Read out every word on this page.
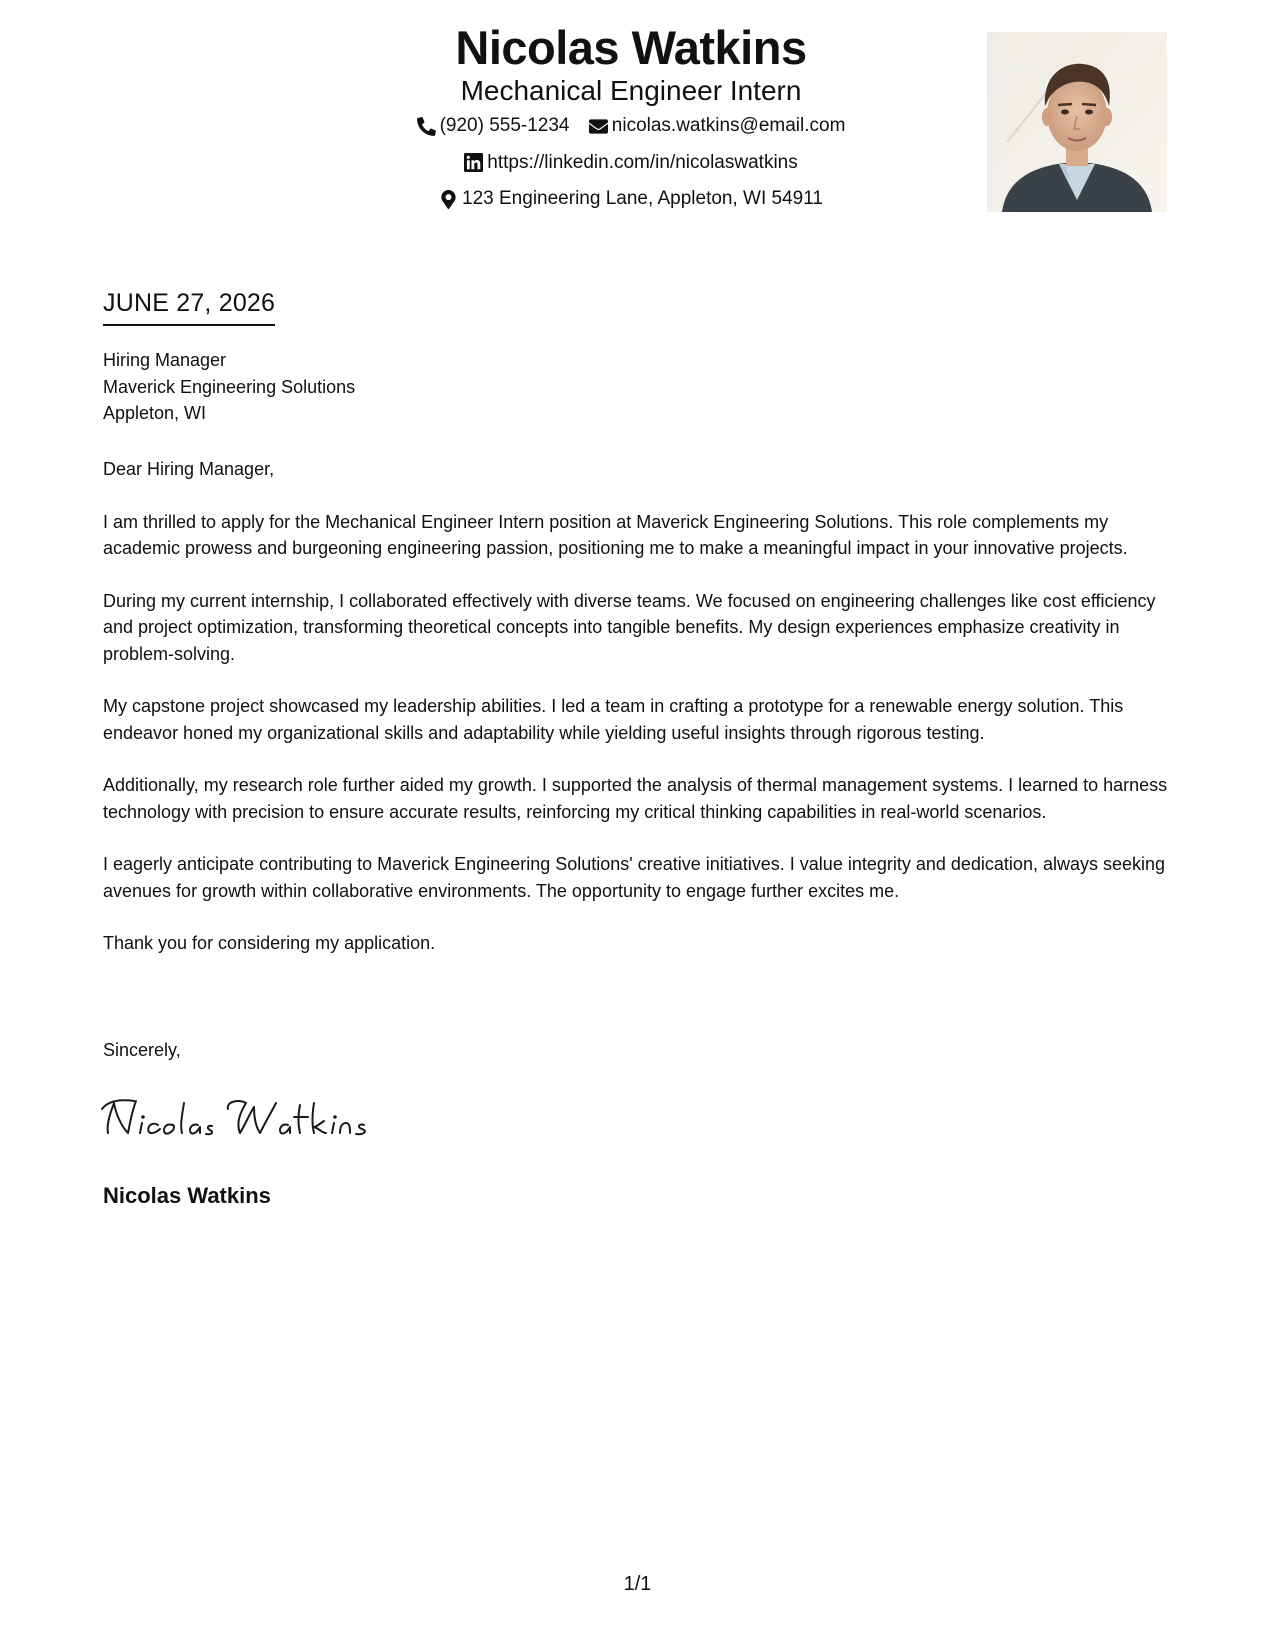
Nicolas Watkins
Mechanical Engineer Intern
(920) 555-1234
nicolas.watkins@email.com
https://linkedin.com/in/nicolaswatkins
123 Engineering Lane, Appleton, WI 54911
JUNE 27, 2026
Hiring Manager
Maverick Engineering Solutions
Appleton, WI

Dear Hiring Manager,

I am thrilled to apply for the Mechanical Engineer Intern position at Maverick Engineering Solutions. This role complements my academic prowess and burgeoning engineering passion, positioning me to make a meaningful impact in your innovative projects.

During my current internship, I collaborated effectively with diverse teams. We focused on engineering challenges like cost efficiency and project optimization, transforming theoretical concepts into tangible benefits. My design experiences emphasize creativity in problem-solving.

My capstone project showcased my leadership abilities. I led a team in crafting a prototype for a renewable energy solution. This endeavor honed my organizational skills and adaptability while yielding useful insights through rigorous testing.

Additionally, my research role further aided my growth. I supported the analysis of thermal management systems. I learned to harness technology with precision to ensure accurate results, reinforcing my critical thinking capabilities in real-world scenarios.

I eagerly anticipate contributing to Maverick Engineering Solutions' creative initiatives. I value integrity and dedication, always seeking avenues for growth within collaborative environments. The opportunity to engage further excites me.

Thank you for considering my application.

Sincerely,
Nicolas Watkins
1/1
